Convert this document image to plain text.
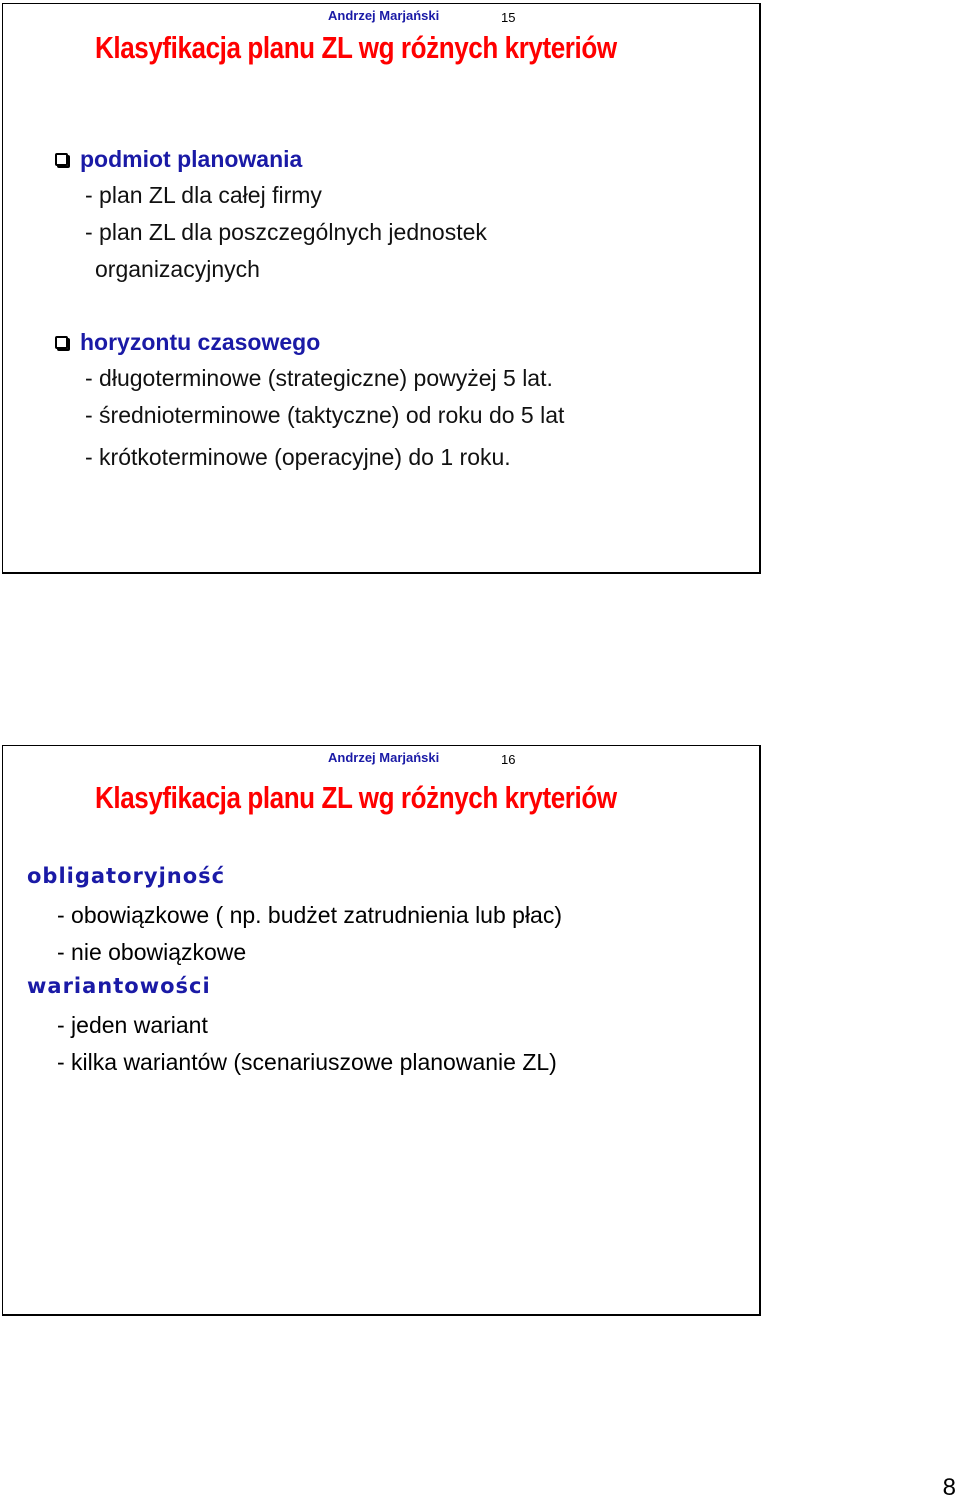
Andrzej Marjański	15
Klasyfikacja planu ZL wg różnych kryteriów
podmiot planowania
- plan ZL dla całej firmy
- plan ZL dla poszczególnych jednostek
organizacyjnych
horyzontu czasowego
- długoterminowe (strategiczne) powyżej 5 lat.
- średnioterminowe (taktyczne) od roku do 5 lat
- krótkoterminowe (operacyjne) do 1 roku.
Andrzej Marjański	16
Klasyfikacja planu ZL wg różnych kryteriów
obligatoryjność
- obowiązkowe ( np. budżet zatrudnienia lub płac)
- nie obowiązkowe
wariantowości
- jeden wariant
- kilka wariantów (scenariuszowe planowanie ZL)
8
